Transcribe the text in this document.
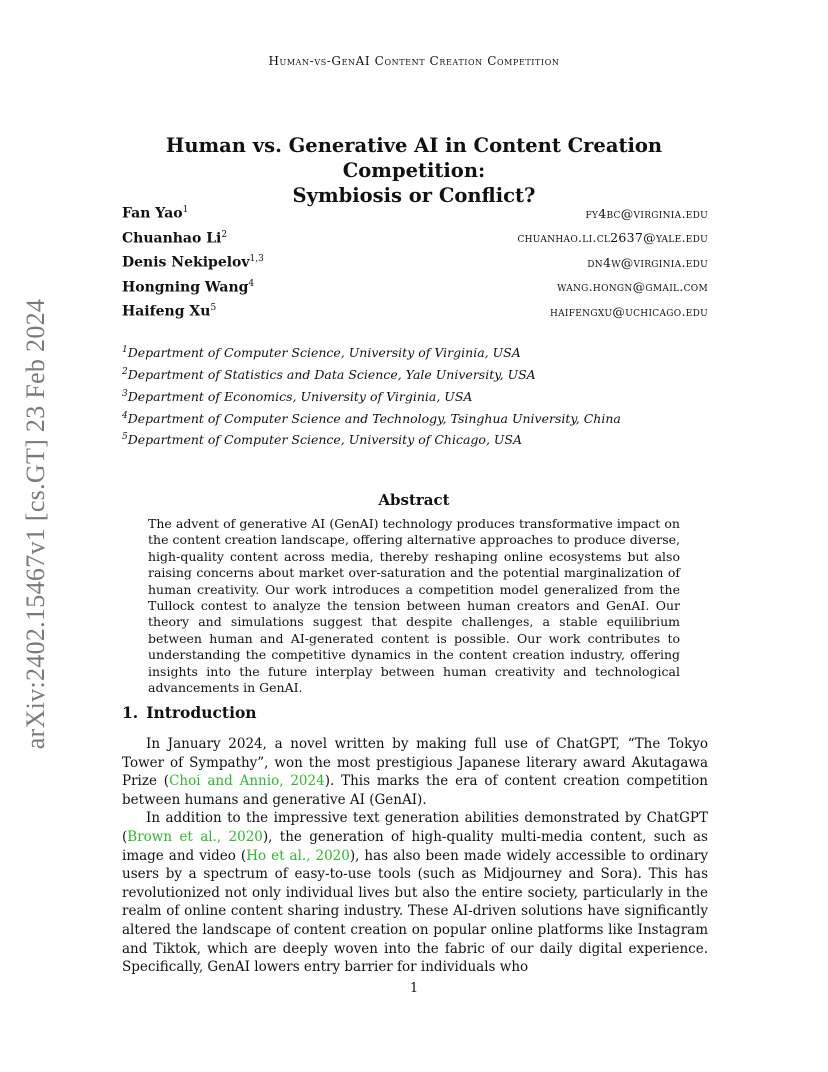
Human-vs-GenAI Content Creation Competition
Human vs. Generative AI in Content Creation Competition:
Symbiosis or Conflict?
Fan Yao$^1$	fy4bc@virginia.edu
Chuanhao Li$^2$	chuanhao.li.cl2637@yale.edu
Denis Nekipelov$^{1,3}$	dn4w@virginia.edu
Hongning Wang$^4$	wang.hongn@gmail.com
Haifeng Xu$^5$	haifengxu@uchicago.edu
$^1$Department of Computer Science, University of Virginia, USA
$^2$Department of Statistics and Data Science, Yale University, USA
$^3$Department of Economics, University of Virginia, USA
$^4$Department of Computer Science and Technology, Tsinghua University, China
$^5$Department of Computer Science, University of Chicago, USA
Abstract
The advent of generative AI (GenAI) technology produces transformative impact on the content creation landscape, offering alternative approaches to produce diverse, high-quality content across media, thereby reshaping online ecosystems but also raising concerns about market over-saturation and the potential marginalization of human creativity. Our work introduces a competition model generalized from the Tullock contest to analyze the tension between human creators and GenAI. Our theory and simulations suggest that despite challenges, a stable equilibrium between human and AI-generated content is possible. Our work contributes to understanding the competitive dynamics in the content creation industry, offering insights into the future interplay between human creativity and technological advancements in GenAI.
1. Introduction

In January 2024, a novel written by making full use of ChatGPT, “The Tokyo Tower of Sympathy”, won the most prestigious Japanese literary award Akutagawa Prize (Choi and Annio, 2024). This marks the era of content creation competition between humans and generative AI (GenAI).

In addition to the impressive text generation abilities demonstrated by ChatGPT (Brown et al., 2020), the generation of high-quality multi-media content, such as image and video (Ho et al., 2020), has also been made widely accessible to ordinary users by a spectrum of easy-to-use tools (such as Midjourney and Sora). This has revolutionized not only individual lives but also the entire society, particularly in the realm of online content sharing industry. These AI-driven solutions have significantly altered the landscape of content creation on popular online platforms like Instagram and Tiktok, which are deeply woven into the fabric of our daily digital experience. Specifically, GenAI lowers entry barrier for individuals who

1
arXiv:2402.15467v1 [cs.GT] 23 Feb 2024
